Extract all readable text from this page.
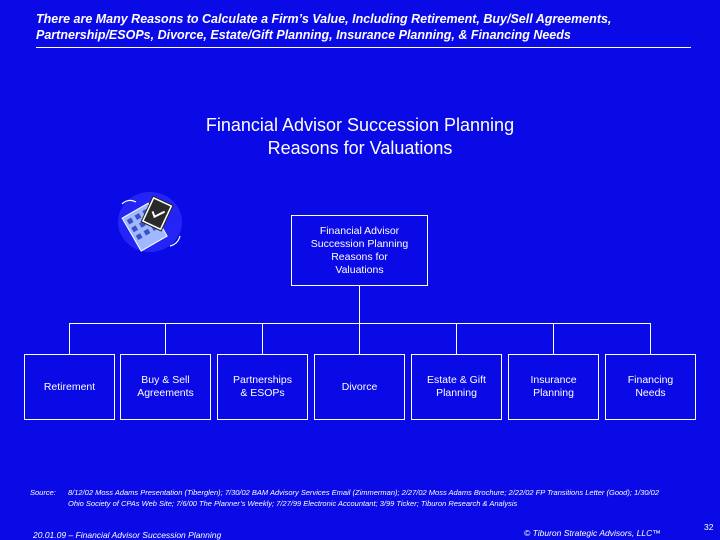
There are Many Reasons to Calculate a Firm’s Value, Including Retirement, Buy/Sell Agreements,
Partnership/ESOPs, Divorce, Estate/Gift Planning, Insurance Planning, & Financing Needs
Financial Advisor Succession Planning
Reasons for Valuations
Financial Advisor
Succession Planning
Reasons for
Valuations
Retirement
Buy & Sell
Agreements
Partnerships
& ESOPs
Divorce
Estate & Gift
Planning
Insurance
Planning
Financing
Needs
Source:	8/12/02 Moss Adams Presentation (Tiberglen); 7/30/02 BAM Advisory Services Email (Zimmerman); 2/27/02 Moss Adams Brochure; 2/22/02 FP Transitions Letter (Good); 1/30/02 Ohio Society of CPAs Web Site; 7/6/00 The Planner’s Weekly; 7/27/99 Electronic Accountant; 3/99 Ticker; Tiburon Research & Analysis
20.01.09 – Financial Advisor Succession Planning	© Tiburon Strategic Advisors, LLC™
32
